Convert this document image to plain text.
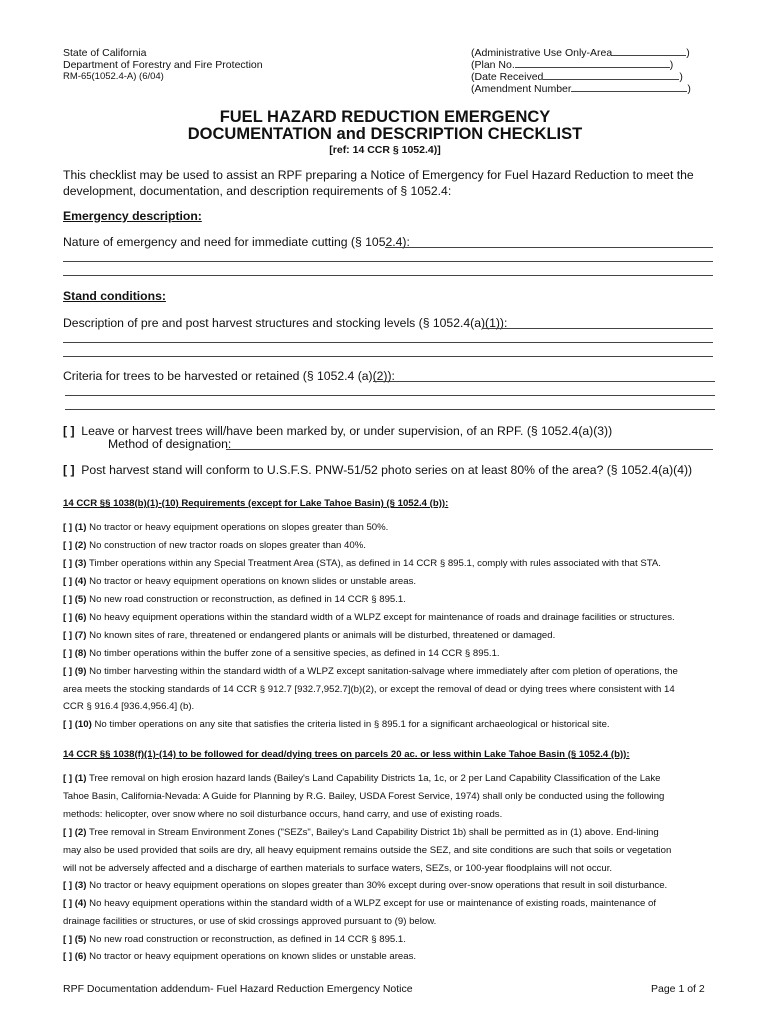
State of California
Department of Forestry and Fire Protection
RM-65(1052.4-A) (6/04)
(Administrative Use Only-Area	)
(Plan No.	)
(Date Received	)
(Amendment Number	)
FUEL HAZARD REDUCTION EMERGENCY
DOCUMENTATION and DESCRIPTION CHECKLIST
[ref: 14 CCR § 1052.4)]
This checklist may be used to assist an RPF preparing a Notice of Emergency for Fuel Hazard Reduction to meet the
development, documentation, and description requirements of § 1052.4:
Emergency description:
Nature of emergency and need for immediate cutting (§ 1052.4):
Stand conditions:
Description of pre and post harvest structures and stocking levels (§ 1052.4(a)(1)):
Criteria for trees to be harvested or retained (§ 1052.4 (a)(2)):
[ ] Leave or harvest trees will/have been marked by, or under supervision, of an RPF. (§ 1052.4(a)(3))
Method of designation:
[ ] Post harvest stand will conform to U.S.F.S. PNW-51/52 photo series on at least 80% of the area? (§ 1052.4(a)(4))
14 CCR §§ 1038(b)(1)-(10) Requirements (except for Lake Tahoe Basin) (§ 1052.4 (b)):
[ ] (1) No tractor or heavy equipment operations on slopes greater than 50%.
[ ] (2) No construction of new tractor roads on slopes greater than 40%.
[ ] (3) Timber operations within any Special Treatment Area (STA), as defined in 14 CCR § 895.1, comply with rules associated with that STA.
[ ] (4) No tractor or heavy equipment operations on known slides or unstable areas.
[ ] (5) No new road construction or reconstruction, as defined in 14 CCR § 895.1.
[ ] (6) No heavy equipment operations within the standard width of a WLPZ except for maintenance of roads and drainage facilities or structures.
[ ] (7) No known sites of rare, threatened or endangered plants or animals will be disturbed, threatened or damaged.
[ ] (8) No timber operations within the buffer zone of a sensitive species, as defined in 14 CCR § 895.1.
[ ] (9) No timber harvesting within the standard width of a WLPZ except sanitation-salvage where immediately after com pletion of operations, the
area meets the stocking standards of 14 CCR § 912.7 [932.7,952.7](b)(2), or except the removal of dead or dying trees where consistent with 14
CCR § 916.4 [936.4,956.4] (b).
[ ] (10) No timber operations on any site that satisfies the criteria listed in § 895.1 for a significant archaeological or historical site.
14 CCR §§ 1038(f)(1)-(14) to be followed for dead/dying trees on parcels 20 ac. or less within Lake Tahoe Basin (§ 1052.4 (b)):
[ ] (1) Tree removal on high erosion hazard lands (Bailey's Land Capability Districts 1a, 1c, or 2 per Land Capability Classification of the Lake
Tahoe Basin, California-Nevada: A Guide for Planning by R.G. Bailey, USDA Forest Service, 1974) shall only be conducted using the following
methods: helicopter, over snow where no soil disturbance occurs, hand carry, and use of existing roads.
[ ] (2) Tree removal in Stream Environment Zones ("SEZs", Bailey's Land Capability District 1b) shall be permitted as in (1) above. End-lining
may also be used provided that soils are dry, all heavy equipment remains outside the SEZ, and site conditions are such that soils or vegetation
will not be adversely affected and a discharge of earthen materials to surface waters, SEZs, or 100-year floodplains will not occur.
[ ] (3) No tractor or heavy equipment operations on slopes greater than 30% except during over-snow operations that result in soil disturbance.
[ ] (4) No heavy equipment operations within the standard width of a WLPZ except for use or maintenance of existing roads, maintenance of
drainage facilities or structures, or use of skid crossings approved pursuant to (9) below.
[ ] (5) No new road construction or reconstruction, as defined in 14 CCR § 895.1.
[ ] (6) No tractor or heavy equipment operations on known slides or unstable areas.
RPF Documentation addendum- Fuel Hazard Reduction Emergency Notice	Page 1 of 2
